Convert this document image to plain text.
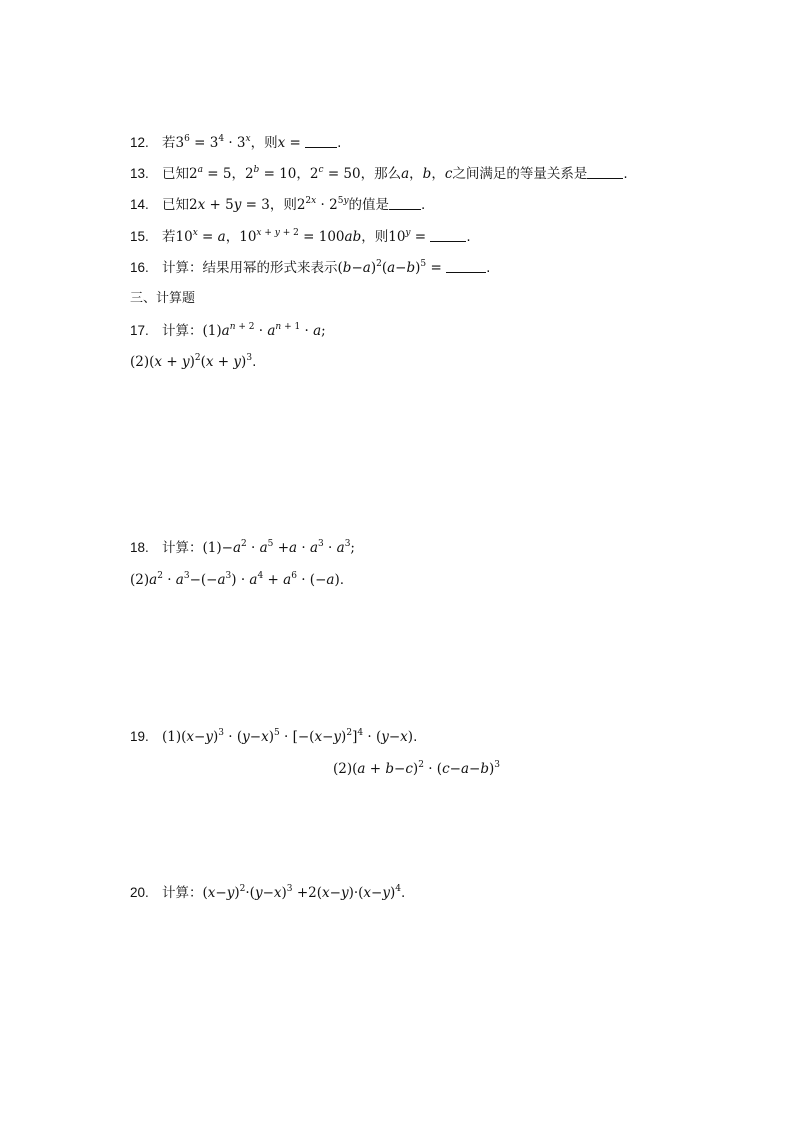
12. 若$3^6 = 3^4 \cdot 3^x$，则x = .
13. 已知$2^a = 5$，$2^b = 10$，$2^c = 50$，那么a，b，c之间满足的等量关系是	.
14. 已知2x + 5y = 3，则$2^{2x} \cdot 2^{5y}$的值是 .
15. 若$10^x = a$，$10^{x + y + 2} = 100ab$，则$10^y$ =	.
16. 计算：结果用幂的形式来表示$(b-a)^2(a-b)^5$ =	.
三、计算题
17. 计算：$(1)a^{n + 2} \cdot a^{n + 1} \cdot a$;
$(2)(x + y)^2(x + y)^3$.
18. 计算：$(1)-a^2 \cdot a^5 +a \cdot a^3 \cdot a^3$;
$(2)a^2 \cdot a^3-(-a^3) \cdot a^4 + a^6 \cdot (-a)$.
19. $(1)(x-y)^3 \cdot (y-x)^5 \cdot [-(x-y)^2]^4 \cdot (y-x)$.
$(2)(a + b-c)^2 \cdot (c-a-b)^3$
20. 计算：$(x-y)^2\cdot(y-x)^3 +2(x-y)\cdot(x-y)^4$.
